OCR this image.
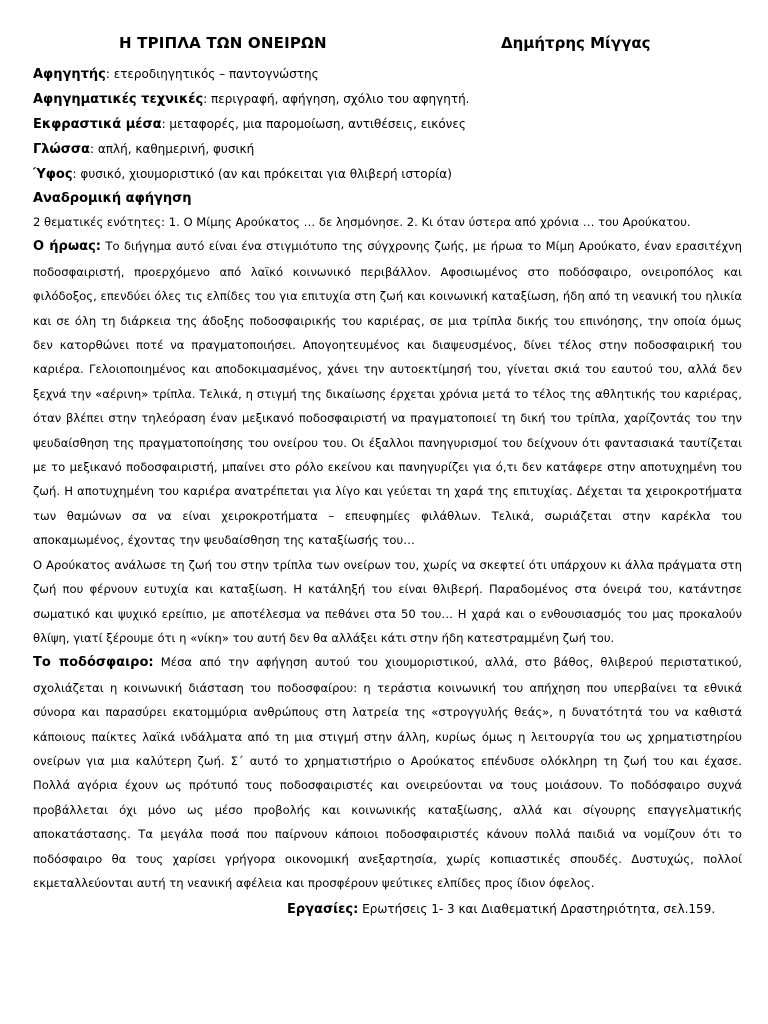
Η ΤΡΙΠΛΑ ΤΩΝ ΟΝΕΙΡΩΝ	Δημήτρης Μίγγας
Αφηγητής: ετεροδιηγητικός – παντογνώστης
Αφηγηματικές τεχνικές: περιγραφή, αφήγηση, σχόλιο του αφηγητή.
Εκφραστικά μέσα: μεταφορές, μια παρομοίωση, αντιθέσεις, εικόνες
Γλώσσα: απλή, καθημερινή, φυσική
Ύφος: φυσικό, χιουμοριστικό (αν και πρόκειται για θλιβερή ιστορία)
Αναδρομική αφήγηση

2 θεματικές ενότητες: 1. Ο Μίμης Αρούκατος … δε λησμόνησε. 2. Κι όταν ύστερα από χρόνια … του Αρούκατου.

Ο ήρωας: Το διήγημα αυτό είναι ένα στιγμιότυπο της σύγχρονης ζωής, με ήρωα το Μίμη Αρούκατο, έναν ερασιτέχνη ποδοσφαιριστή, προερχόμενο από λαϊκό κοινωνικό περιβάλλον. Αφοσιωμένος στο ποδόσφαιρο, ονειροπόλος και φιλόδοξος, επενδύει όλες τις ελπίδες του για επιτυχία στη ζωή και κοινωνική καταξίωση, ήδη από τη νεανική του ηλικία και σε όλη τη διάρκεια της άδοξης ποδοσφαιρικής του καριέρας, σε μια τρίπλα δικής του επινόησης, την οποία όμως δεν κατορθώνει ποτέ να πραγματοποιήσει. Απογοητευμένος και διαψευσμένος, δίνει τέλος στην ποδοσφαιρική του καριέρα. Γελοιοποιημένος και αποδοκιμασμένος, χάνει την αυτοεκτίμησή του, γίνεται σκιά του εαυτού του, αλλά δεν ξεχνά την «αέρινη» τρίπλα. Τελικά, η στιγμή της δικαίωσης έρχεται χρόνια μετά το τέλος της αθλητικής του καριέρας, όταν βλέπει στην τηλεόραση έναν μεξικανό ποδοσφαιριστή να πραγματοποιεί τη δική του τρίπλα, χαρίζοντάς του την ψευδαίσθηση της πραγματοποίησης του ονείρου του. Οι έξαλλοι πανηγυρισμοί του δείχνουν ότι φαντασιακά ταυτίζεται με το μεξικανό ποδοσφαιριστή, μπαίνει στο ρόλο εκείνου και πανηγυρίζει για ό,τι δεν κατάφερε στην αποτυχημένη του ζωή. Η αποτυχημένη του καριέρα ανατρέπεται για λίγο και γεύεται τη χαρά της επιτυχίας. Δέχεται τα χειροκροτήματα των θαμώνων σα να είναι χειροκροτήματα – επευφημίες φιλάθλων. Τελικά, σωριάζεται στην καρέκλα του αποκαμωμένος, έχοντας την ψευδαίσθηση της καταξίωσής του…

Ο Αρούκατος ανάλωσε τη ζωή του στην τρίπλα των ονείρων του, χωρίς να σκεφτεί ότι υπάρχουν κι άλλα πράγματα στη ζωή που φέρνουν ευτυχία και καταξίωση. Η κατάληξή του είναι θλιβερή. Παραδομένος στα όνειρά του, κατάντησε σωματικό και ψυχικό ερείπιο, με αποτέλεσμα να πεθάνει στα 50 του… Η χαρά και ο ενθουσιασμός του μας προκαλούν θλίψη, γιατί ξέρουμε ότι η «νίκη» του αυτή δεν θα αλλάξει κάτι στην ήδη κατεστραμμένη ζωή του.

Το ποδόσφαιρο: Μέσα από την αφήγηση αυτού του χιουμοριστικού, αλλά, στο βάθος, θλιβερού περιστατικού, σχολιάζεται η κοινωνική διάσταση του ποδοσφαίρου: η τεράστια κοινωνική του απήχηση που υπερβαίνει τα εθνικά σύνορα και παρασύρει εκατομμύρια ανθρώπους στη λατρεία της «στρογγυλής θεάς», η δυνατότητά του να καθιστά κάποιους παίκτες λαϊκά ινδάλματα από τη μια στιγμή στην άλλη, κυρίως όμως η λειτουργία του ως χρηματιστηρίου ονείρων για μια καλύτερη ζωή. Σ΄ αυτό το χρηματιστήριο ο Αρούκατος επένδυσε ολόκληρη τη ζωή του και έχασε. Πολλά αγόρια έχουν ως πρότυπό τους ποδοσφαιριστές και ονειρεύονται να τους μοιάσουν. Το ποδόσφαιρο συχνά προβάλλεται όχι μόνο ως μέσο προβολής και κοινωνικής καταξίωσης, αλλά και σίγουρης επαγγελματικής αποκατάστασης. Τα μεγάλα ποσά που παίρνουν κάποιοι ποδοσφαιριστές κάνουν πολλά παιδιά να νομίζουν ότι το ποδόσφαιρο θα τους χαρίσει γρήγορα οικονομική ανεξαρτησία, χωρίς κοπιαστικές σπουδές. Δυστυχώς, πολλοί εκμεταλλεύονται αυτή τη νεανική αφέλεια και προσφέρουν ψεύτικες ελπίδες προς ίδιον όφελος.

Εργασίες: Ερωτήσεις 1- 3 και Διαθεματική Δραστηριότητα, σελ.159.
